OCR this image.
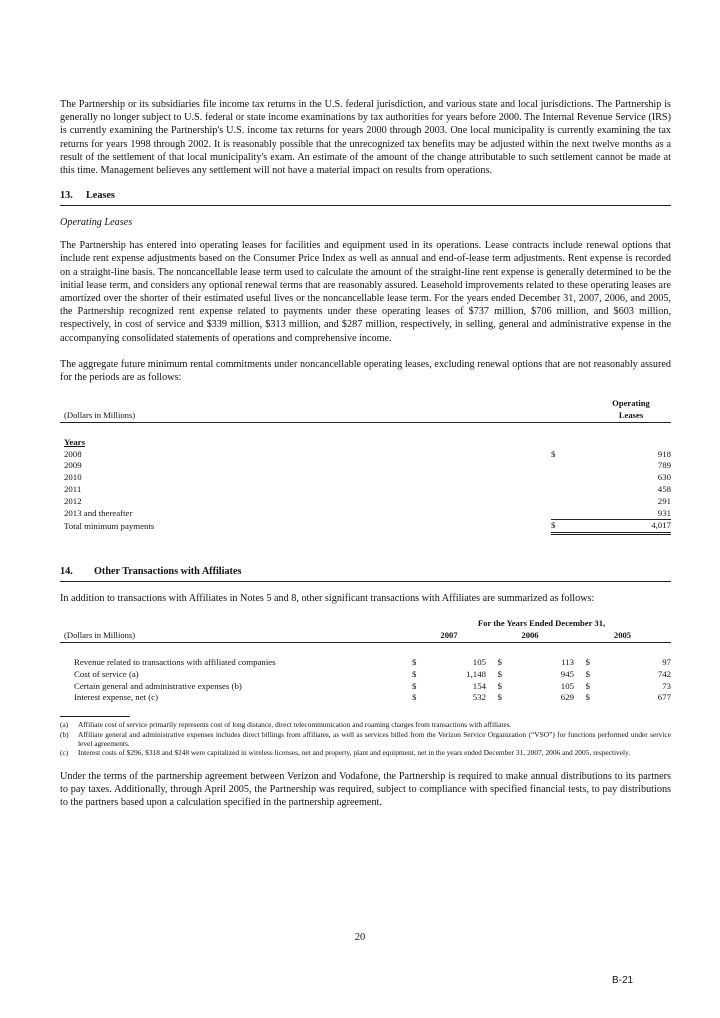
The Partnership or its subsidiaries file income tax returns in the U.S. federal jurisdiction, and various state and local jurisdictions. The Partnership is generally no longer subject to U.S. federal or state income examinations by tax authorities for years before 2000. The Internal Revenue Service (IRS) is currently examining the Partnership's U.S. income tax returns for years 2000 through 2003. One local municipality is currently examining the tax returns for years 1998 through 2002. It is reasonably possible that the unrecognized tax benefits may be adjusted within the next twelve months as a result of the settlement of that local municipality's exam. An estimate of the amount of the change attributable to such settlement cannot be made at this time. Management believes any settlement will not have a material impact on results from operations.

13.	Leases
Operating Leases

The Partnership has entered into operating leases for facilities and equipment used in its operations. Lease contracts include renewal options that include rent expense adjustments based on the Consumer Price Index as well as annual and end-of-lease term adjustments. Rent expense is recorded on a straight-line basis. The noncancellable lease term used to calculate the amount of the straight-line rent expense is generally determined to be the initial lease term, and considers any optional renewal terms that are reasonably assured. Leasehold improvements related to these operating leases are amortized over the shorter of their estimated useful lives or the noncancellable lease term. For the years ended December 31, 2007, 2006, and 2005, the Partnership recognized rent expense related to payments under these operating leases of $737 million, $706 million, and $603 million, respectively, in cost of service and $339 million, $313 million, and $287 million, respectively, in selling, general and administrative expense in the accompanying consolidated statements of operations and comprehensive income.

The aggregate future minimum rental commitments under noncancellable operating leases, excluding renewal options that are not reasonably assured for the periods are as follows:

		Operating
(Dollars in Millions)		Leases

Years		
2008	$	918
2009		789
2010		630
2011		458
2012		291
2013 and thereafter		931
Total minimum payments	$	4,017
14.	Other Transactions with Affiliates

In addition to transactions with Affiliates in Notes 5 and 8, other significant transactions with Affiliates are summarized as follows:

	For the Years Ended December 31,					
(Dollars in Millions)	2007		2006		2005	

Revenue related to transactions with affiliated companies	$	105	$	113	$	97
Cost of service (a)	$	1,148	$	945	$	742
Certain general and administrative expenses (b)	$	154	$	105	$	73
Interest expense, net (c)	$	532	$	629	$	677
(a)	Affiliate cost of service primarily represents cost of long distance, direct telecommunication and roaming charges from transactions with affiliates.
(b)	Affiliate general and administrative expenses includes direct billings from affiliates, as well as services billed from the Verizon Service Organization (“VSO”) for functions performed under service level agreements.
(c)	Interest costs of $296, $318 and $248 were capitalized in wireless licenses, net and property, plant and equipment, net in the years ended December 31, 2007, 2006 and 2005, respectively.

Under the terms of the partnership agreement between Verizon and Vodafone, the Partnership is required to make annual distributions to its partners to pay taxes. Additionally, through April 2005, the Partnership was required, subject to compliance with specified financial tests, to pay distributions to the partners based upon a calculation specified in the partnership agreement.

20
B-21
